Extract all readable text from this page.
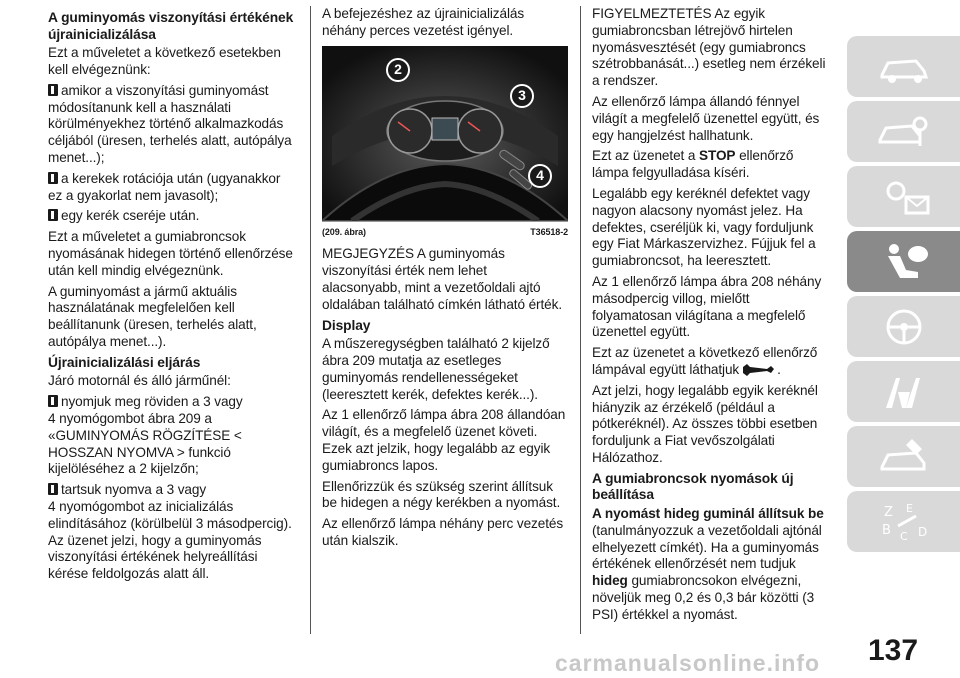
A guminyomás viszonyítási értékének újrainicializálása

Ezt a műveletet a következő esetekben kell elvégeznünk:

amikor a viszonyítási guminyomást módosítanunk kell a használati körülményekhez történő alkalmazkodás céljából (üresen, terhelés alatt, autópálya menet...);

a kerekek rotációja után (ugyanakkor ez a gyakorlat nem javasolt);

egy kerék cseréje után.

Ezt a műveletet a gumiabroncsok nyomásának hidegen történő ellenőrzése után kell mindig elvégeznünk.

A guminyomást a jármű aktuális használatának megfelelően kell beállítanunk (üresen, terhelés alatt, autópálya menet...).

Újrainicializálási eljárás

Járó motornál és álló járműnél:

nyomjuk meg röviden a 3 vagy

4 nyomógombot ábra 209 a «GUMINYOMÁS RÖGZÍTÉSE < HOSSZAN NYOMVA > funkció kijelöléséhez a 2 kijelzőn;

tartsuk nyomva a 3 vagy

4 nyomógombot az inicializálás elindításához (körülbelül 3 másodpercig). Az üzenet jelzi, hogy a guminyomás viszonyítási értékének helyreállítási kérése feldolgozás alatt áll.

A befejezéshez az újrainicializálás néhány perces vezetést igényel.

2
3
4
(209. ábra)	T36518-2

MEGJEGYZÉS A guminyomás viszonyítási érték nem lehet alacsonyabb, mint a vezetőoldali ajtó oldalában található címkén látható érték.

Display

A műszeregységben található 2 kijelző ábra 209 mutatja az esetleges guminyomás rendellenességeket (leeresztett kerék, defektes kerék...).

Az 1 ellenőrző lámpa ábra 208 állandóan világít, és a megfelelő üzenet követi. Ezek azt jelzik, hogy legalább az egyik gumiabroncs lapos.

Ellenőrizzük és szükség szerint állítsuk be hidegen a négy kerékben a nyomást.

Az ellenőrző lámpa néhány perc vezetés után kialszik.

FIGYELMEZTETÉS Az egyik gumiabroncsban létrejövő hirtelen nyomásvesztését (egy gumiabroncs szétrobbanását...) esetleg nem érzékeli a rendszer.

Az ellenőrző lámpa állandó fénnyel világít a megfelelő üzenettel együtt, és egy hangjelzést hallhatunk.

Ezt az üzenetet a STOP ellenőrző lámpa felgyulladása kíséri.

Legalább egy keréknél defektet vagy nagyon alacsony nyomást jelez. Ha defektes, cseréljük ki, vagy forduljunk egy Fiat Márkaszervizhez. Fújjuk fel a gumiabroncsot, ha leeresztett.

Az 1 ellenőrző lámpa ábra 208 néhány másodpercig villog, mielőtt folyamatosan világítana a megfelelő üzenettel együtt.

Ezt az üzenetet a következő ellenőrző lámpával együtt láthatjuk	.

Azt jelzi, hogy legalább egyik keréknél hiányzik az érzékelő (például a pótkeréknél). Az összes többi esetben forduljunk a Fiat vevőszolgálati Hálózathoz.

A gumiabroncsok nyomások új beállítása

A nyomást hideg guminál állítsuk be (tanulmányozzuk a vezetőoldali ajtónál elhelyezett címkét). Ha a guminyomás értékének ellenőrzését nem tudjuk hideg gumiabroncsokon elvégezni, növeljük meg 0,2 és 0,3 bár közötti (3 PSI) értékkel a nyomást.

Z E
B C D
137
carmanualsonline.info
